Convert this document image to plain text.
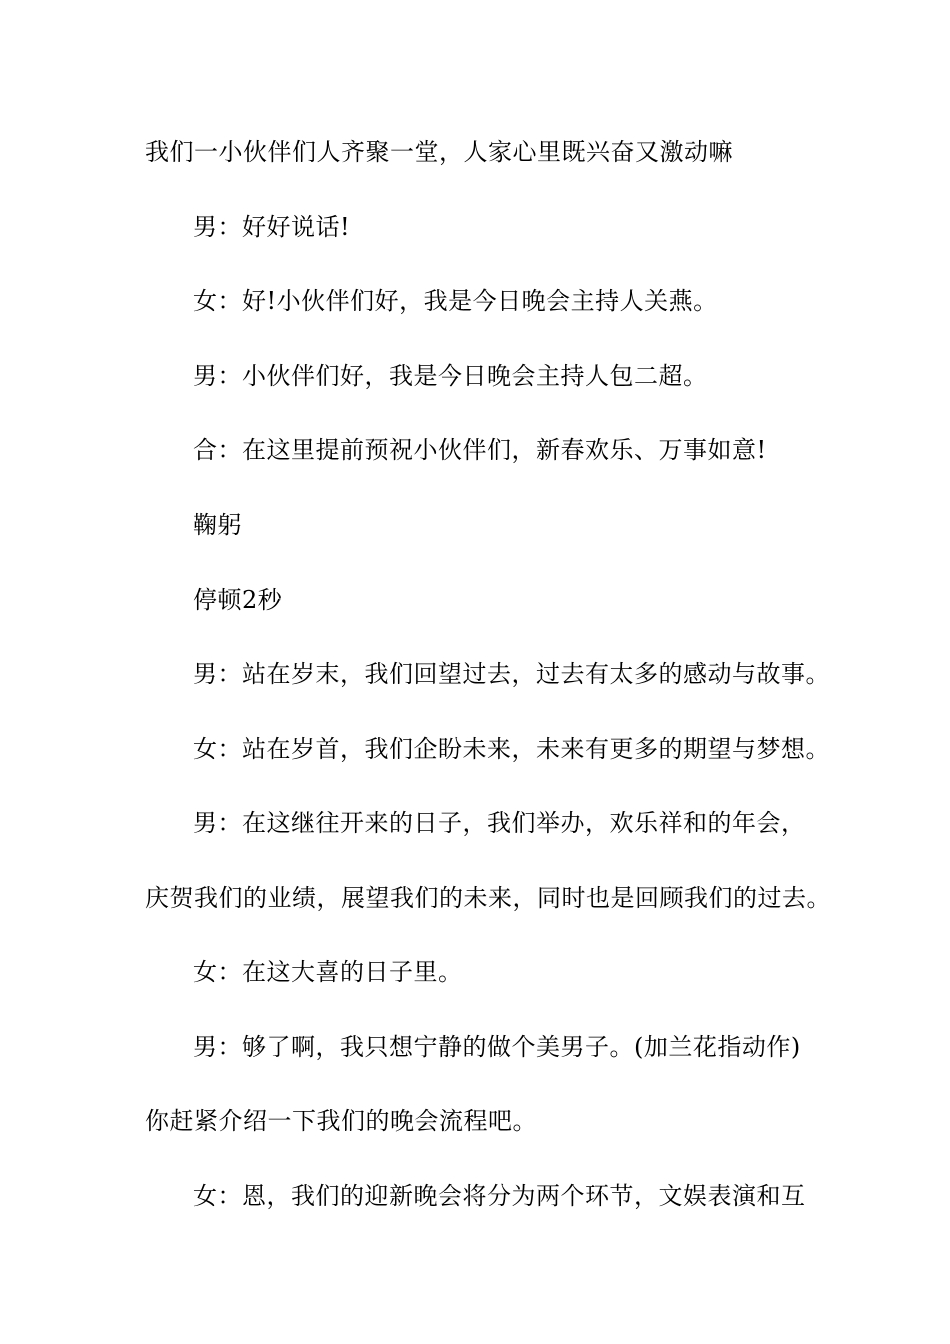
我们一小伙伴们人齐聚一堂，人家心里既兴奋又激动嘛
男：好好说话!
女：好!小伙伴们好，我是今日晚会主持人关燕。
男：小伙伴们好，我是今日晚会主持人包二超。
合：在这里提前预祝小伙伴们，新春欢乐、万事如意!
鞠躬
停顿2秒
男：站在岁末，我们回望过去，过去有太多的感动与故事。
女：站在岁首，我们企盼未来，未来有更多的期望与梦想。
男：在这继往开来的日子，我们举办，欢乐祥和的年会，
庆贺我们的业绩，展望我们的未来，同时也是回顾我们的过去。
女：在这大喜的日子里。
男：够了啊，我只想宁静的做个美男子。(加兰花指动作)
你赶紧介绍一下我们的晚会流程吧。
女：恩，我们的迎新晚会将分为两个环节，文娱表演和互
